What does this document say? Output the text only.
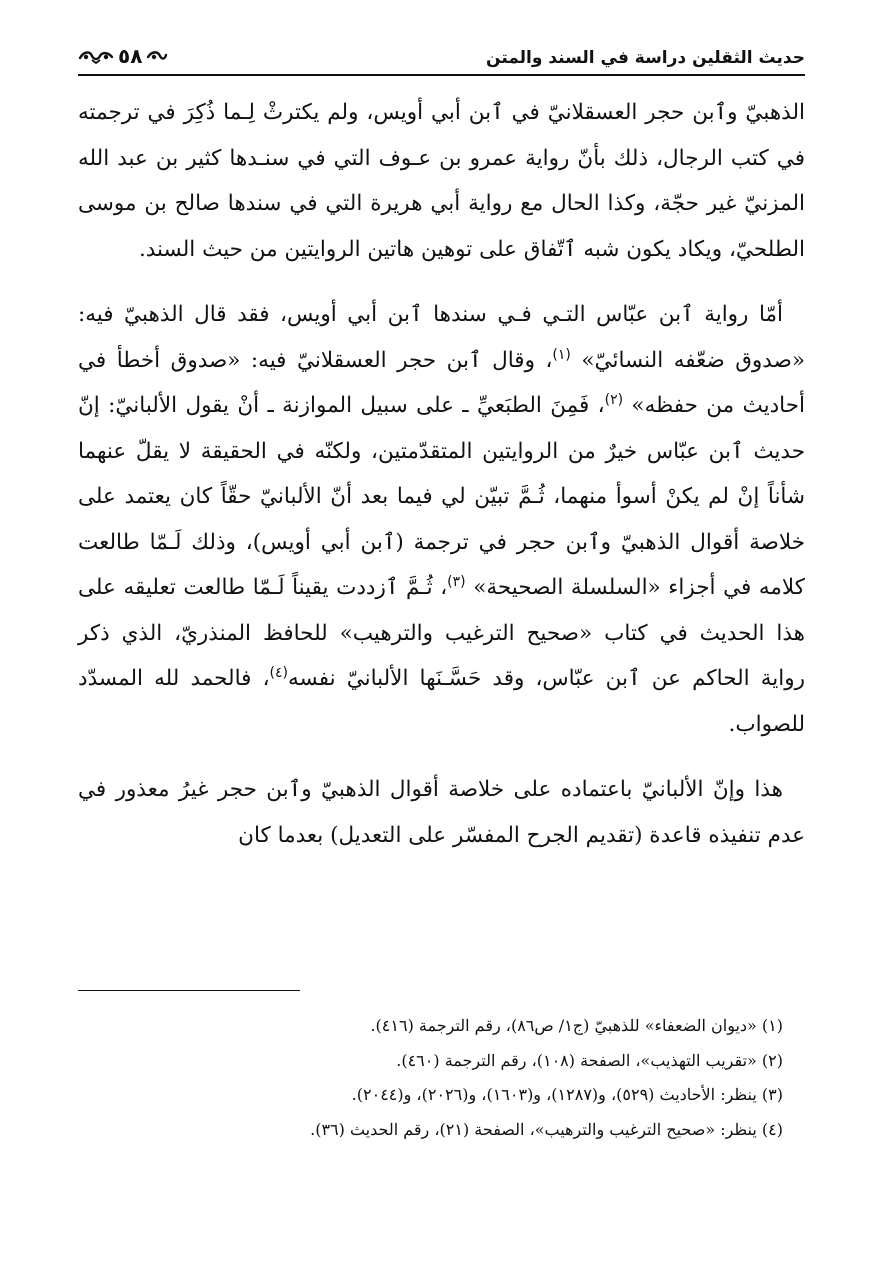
حديث الثقلين دراسة في السند والمتن
٥٨

الذهبيّ وٱبن حجر العسقلانيّ في ٱبن أبي أويس، ولم يكترثْ لِـما ذُكِرَ في ترجمته في كتب الرجال، ذلك بأنّ رواية عمرو بن عـوف التي في سنـدها كثير بن عبد الله المزنيّ غير حجّة، وكذا الحال مع رواية أبي هريرة التي في سندها صالح بن موسى الطلحيّ، ويكاد يكون شبه ٱتّفاق على توهين هاتين الروايتين من حيث السند.

أمّا رواية ٱبن عبّاس التـي فـي سندها ٱبن أبي أويس، فقد قال الذهبيّ فيه: «صدوق ضعّفه النسائيّ» $^{(١)}$، وقال ٱبن حجر العسقلانيّ فيه: «صدوق أخطأ في أحاديث من حفظه» $^{(٢)}$، فَمِنَ الطبَعيِّ ـ على سبيل الموازنة ـ أنْ يقول الألبانيّ: إنّ حديث ٱبن عبّاس خيرٌ من الروايتين المتقدّمتين، ولكنّه في الحقيقة لا يقلّ عنهما شأناً إنْ لم يكنْ أسوأ منهما، ثُـمَّ تبيّن لي فيما بعد أنّ الألبانيّ حقّاً كان يعتمد على خلاصة أقوال الذهبيّ وٱبن حجر في ترجمة (ٱبن أبي أويس)، وذلك لَـمّا طالعت كلامه في أجزاء «السلسلة الصحيحة» $^{(٣)}$، ثُـمَّ ٱزددت يقيناً لَـمّا طالعت تعليقه على هذا الحديث في كتاب «صحيح الترغيب والترهيب» للحافظ المنذريّ، الذي ذكر رواية الحاكم عن ٱبن عبّاس، وقد حَسَّـنَها الألبانيّ نفسه$^{(٤)}$، فالحمد لله المسدّد للصواب.

هذا وإنّ الألبانيّ باعتماده على خلاصة أقوال الذهبيّ وٱبن حجر غيرُ معذور في عدم تنفيذه قاعدة (تقديم الجرح المفسّر على التعديل) بعدما كان

(١) «ديوان الضعفاء» للذهبيّ (ج١/ ص٨٦)، رقم الترجمة (٤١٦).
(٢) «تقريب التهذيب»، الصفحة (١٠٨)، رقم الترجمة (٤٦٠).
(٣) ينظر: الأحاديث (٥٢٩)، و(١٢٨٧)، و(١٦٠٣)، و(٢٠٢٦)، و(٢٠٤٤).
(٤) ينظر: «صحيح الترغيب والترهيب»، الصفحة (٢١)، رقم الحديث (٣٦).
